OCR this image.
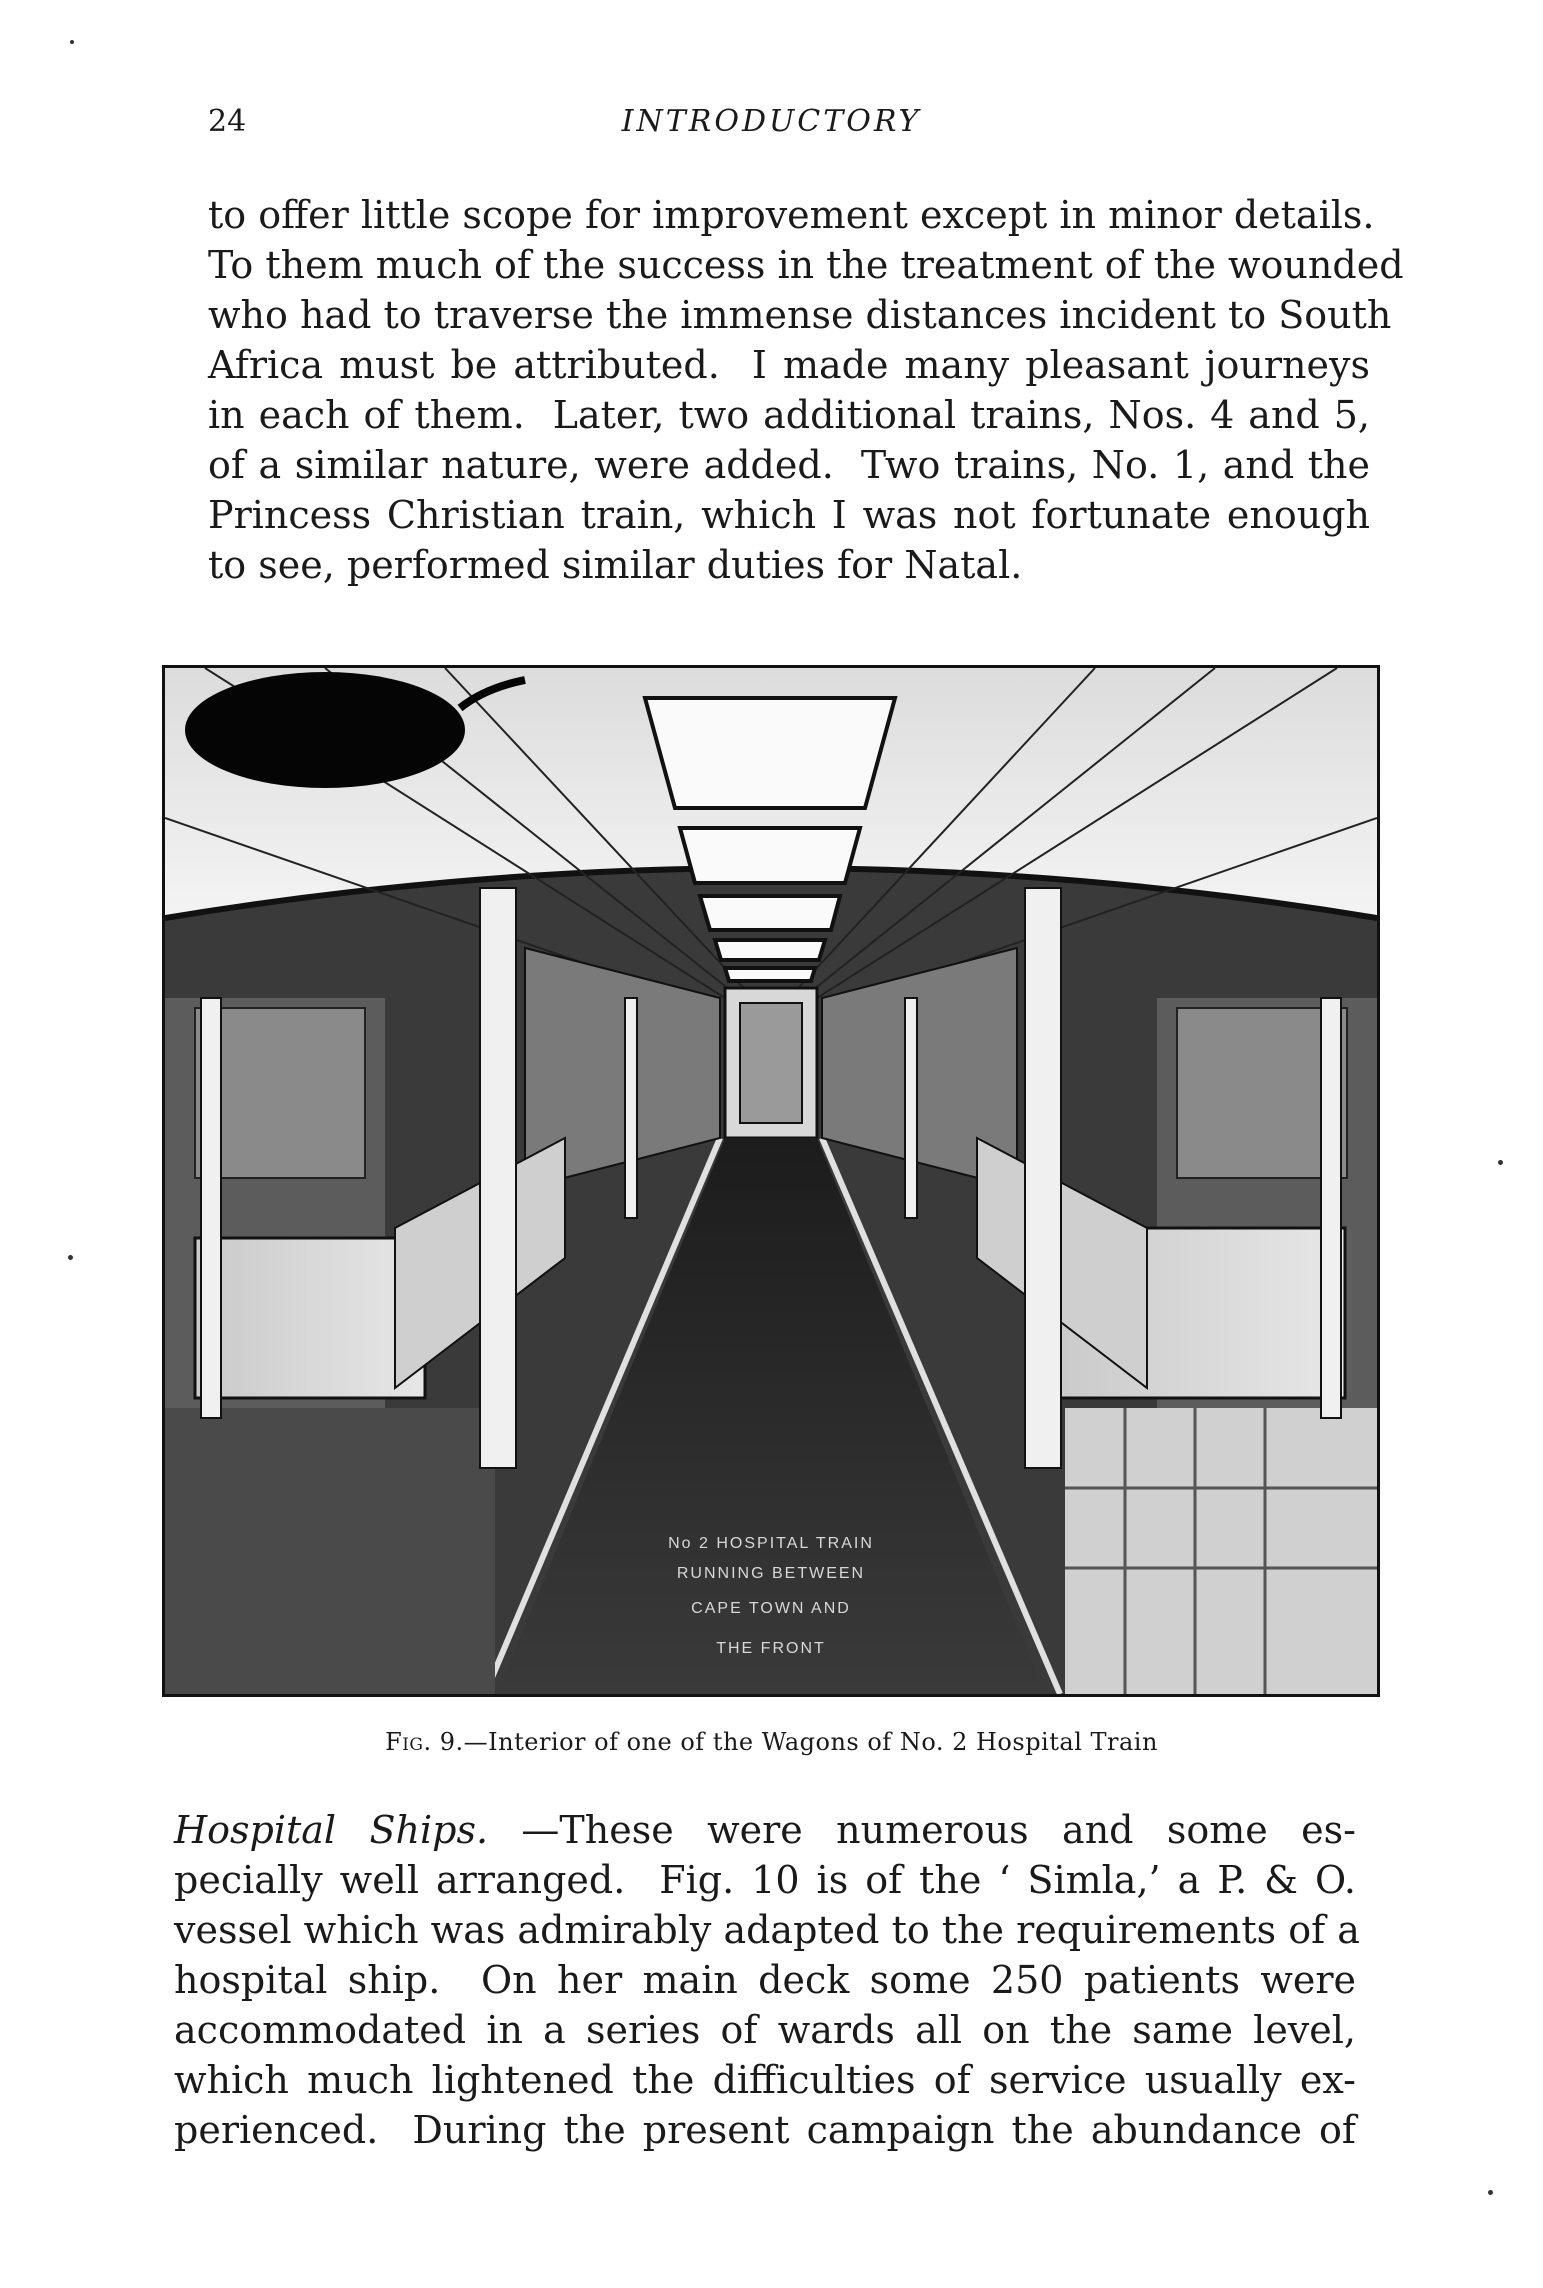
24	INTRODUCTORY

to offer little scope for improvement except in minor details.
To them much of the success in the treatment of the wounded
who had to traverse the immense distances incident to South
Africa must be attributed.  I made many pleasant journeys
in each of them.  Later, two additional trains, Nos. 4 and 5,
of a similar nature, were added.  Two trains, No. 1, and the
Princess Christian train, which I was not fortunate enough
to see, performed similar duties for Natal.

No 2 HOSPITAL TRAIN
RUNNING BETWEEN
CAPE TOWN AND
THE FRONT
Fig. 9.—Interior of one of the Wagons of No. 2 Hospital Train

Hospital Ships. —These were numerous and some es-
pecially well arranged.  Fig. 10 is of the ‘ Simla,’ a P. & O.
vessel which was admirably adapted to the requirements of a
hospital ship.  On her main deck some 250 patients were
accommodated in a series of wards all on the same level,
which much lightened the difficulties of service usually ex-
perienced.  During the present campaign the abundance of
